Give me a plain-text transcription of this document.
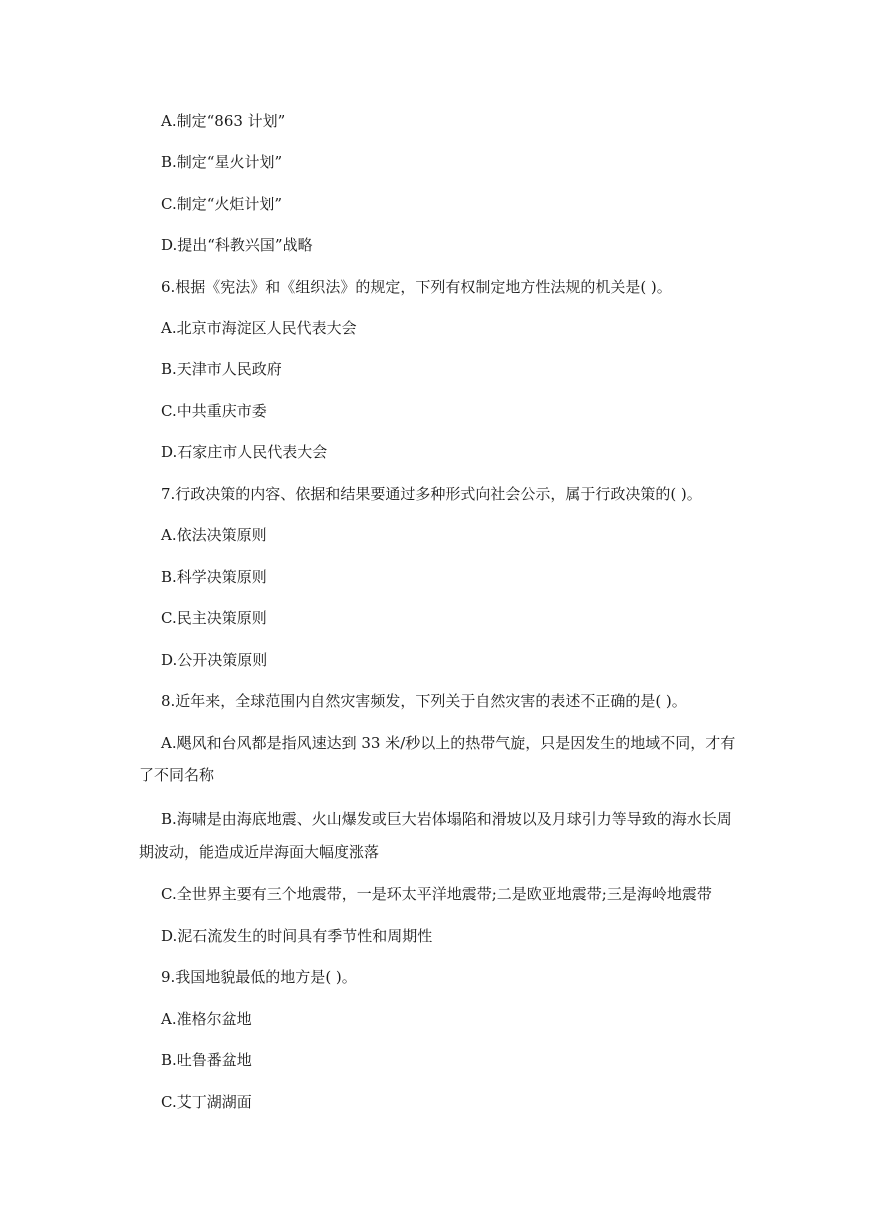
A.制定“863 计划”
B.制定“星火计划”
C.制定“火炬计划”
D.提出“科教兴国”战略
6.根据《宪法》和《组织法》的规定，下列有权制定地方性法规的机关是( )。
A.北京市海淀区人民代表大会
B.天津市人民政府
C.中共重庆市委
D.石家庄市人民代表大会
7.行政决策的内容、依据和结果要通过多种形式向社会公示，属于行政决策的( )。
A.依法决策原则
B.科学决策原则
C.民主决策原则
D.公开决策原则
8.近年来，全球范围内自然灾害频发，下列关于自然灾害的表述不正确的是( )。
A.飓风和台风都是指风速达到 33 米/秒以上的热带气旋，只是因发生的地域不同，才有
了不同名称
B.海啸是由海底地震、火山爆发或巨大岩体塌陷和滑坡以及月球引力等导致的海水长周
期波动，能造成近岸海面大幅度涨落
C.全世界主要有三个地震带，一是环太平洋地震带;二是欧亚地震带;三是海岭地震带
D.泥石流发生的时间具有季节性和周期性
9.我国地貌最低的地方是( )。
A.准格尔盆地
B.吐鲁番盆地
C.艾丁湖湖面
